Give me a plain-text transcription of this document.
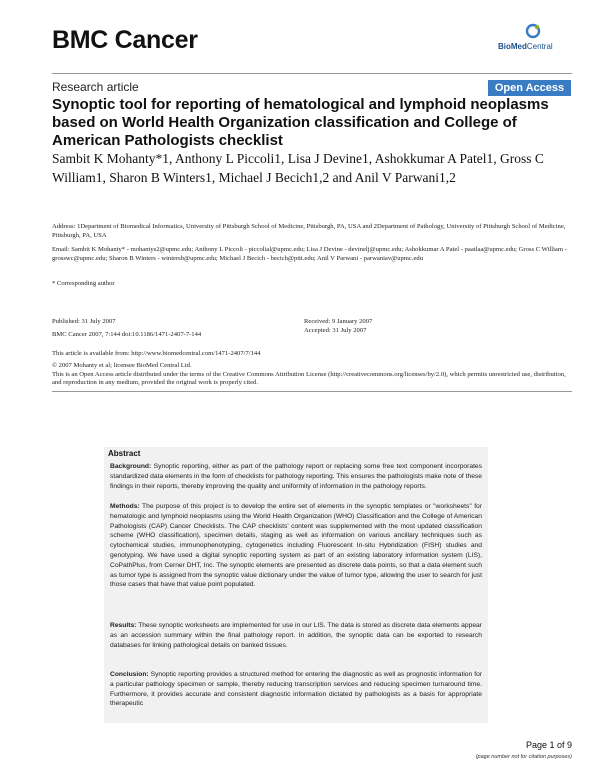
BMC Cancer	BioMedCentral
Research article	Open Access
Synoptic tool for reporting of hematological and lymphoid neoplasms based on World Health Organization classification and College of American Pathologists checklist
Sambit K Mohanty*1, Anthony L Piccoli1, Lisa J Devine1, Ashokkumar A Patel1, Gross C William1, Sharon B Winters1, Michael J Becich1,2 and Anil V Parwani1,2
Address: 1Department of Biomedical Informatics, University of Pittsburgh School of Medicine, Pittsburgh, PA, USA and 2Department of Pathology, University of Pittsburgh School of Medicine, Pittsburgh, PA, USA
Email: Sambit K Mohanty* - mohantys2@upmc.edu; Anthony L Piccoli - piccolial@upmc.edu; Lisa J Devine - devinelj@upmc.edu; Ashokkumar A Patel - paatlaa@upmc.edu; Gross C William - grosswc@upmc.edu; Sharon B Winters - wintersb@upmc.edu; Michael J Becich - becich@pitt.edu; Anil V Parwani - parwaniav@upmc.edu
* Corresponding author
Published: 31 July 2007
BMC Cancer 2007, 7:144 doi:10.1186/1471-2407-7-144
Received: 9 January 2007
Accepted: 31 July 2007
This article is available from: http://www.biomedcentral.com/1471-2407/7/144
© 2007 Mohanty et al; licensee BioMed Central Ltd.
This is an Open Access article distributed under the terms of the Creative Commons Attribution License (http://creativecommons.org/licenses/by/2.0), which permits unrestricted use, distribution, and reproduction in any medium, provided the original work is properly cited.
Abstract

Background: Synoptic reporting, either as part of the pathology report or replacing some free text component incorporates standardized data elements in the form of checklists for pathology reporting. This ensures the pathologists make note of these findings in their reports, thereby improving the quality and uniformity of information in the pathology reports.

Methods: The purpose of this project is to develop the entire set of elements in the synoptic templates or "worksheets" for hematologic and lymphoid neoplasms using the World Health Organization (WHO) Classification and the College of American Pathologists (CAP) Cancer Checklists. The CAP checklists' content was supplemented with the most updated classification scheme (WHO classification), specimen details, staging as well as information on various ancillary techniques such as cytochemical studies, immunophenotyping, cytogenetics including Fluorescent In-situ Hybridization (FISH) studies and genotyping. We have used a digital synoptic reporting system as part of an existing laboratory information system (LIS), CoPathPlus, from Cerner DHT, Inc. The synoptic elements are presented as discrete data points, so that a data element such as tumor type is assigned from the synoptic value dictionary under the value of tumor type, allowing the user to search for just those cases that have that value point populated.

Results: These synoptic worksheets are implemented for use in our LIS. The data is stored as discrete data elements appear as an accession summary within the final pathology report. In addition, the synoptic data can be exported to research databases for linking pathological details on banked tissues.

Conclusion: Synoptic reporting provides a structured method for entering the diagnostic as well as prognostic information for a particular pathology specimen or sample, thereby reducing transcription services and reducing specimen turnaround time. Furthermore, it provides accurate and consistent diagnostic information dictated by pathologists as a basis for appropriate therapeutic

Page 1 of 9
(page number not for citation purposes)
